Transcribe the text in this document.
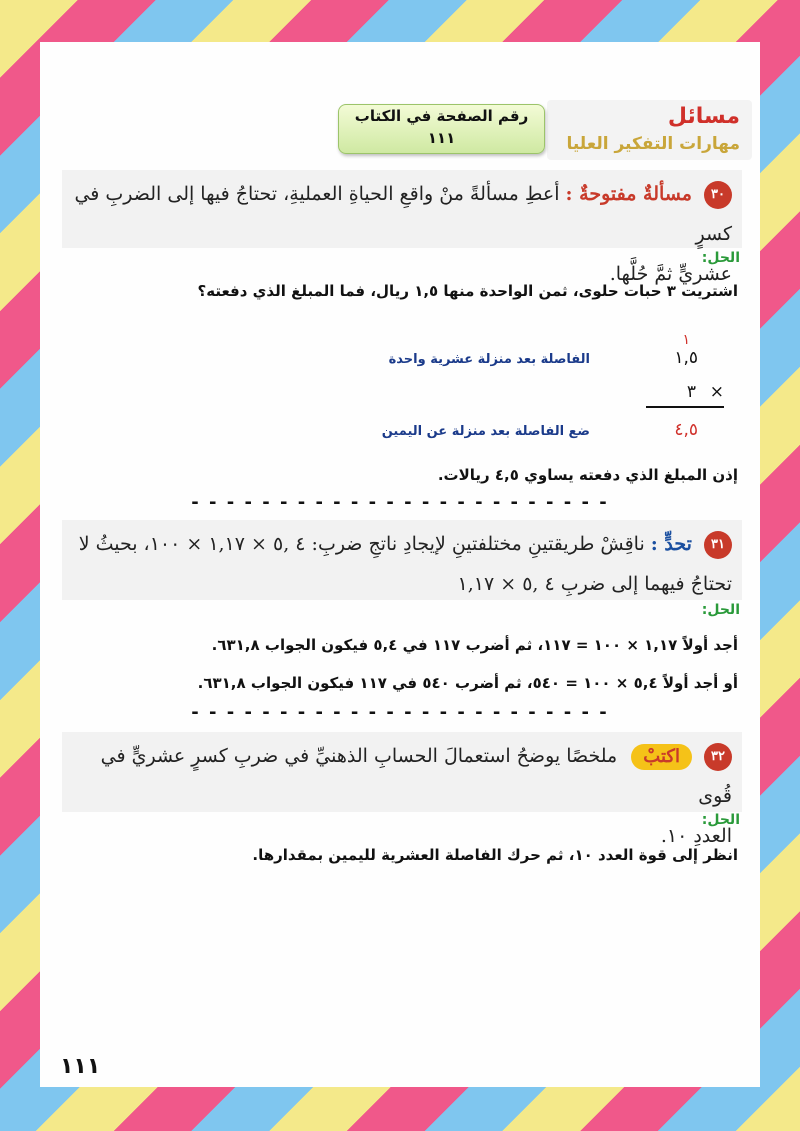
مسائل
مهارات التفكير العليا
رقم الصفحة في الكتاب
١١١
٣٠ مسألةٌ مفتوحةٌ : أعطِ مسألةً منْ واقعِ الحياةِ العمليةِ، تحتاجُ فيها إلى الضربِ في كسرٍ
عشريٍّ ثمَّ حُلَّها.
الحل:
اشتريت ٣ حبات حلوى، ثمن الواحدة منها ١,٥ ريال، فما المبلغ الذي دفعته؟
١
١,٥
الفاصلة بعد منزلة عشرية واحدة
٣ ×
٤,٥
ضع الفاصلة بعد منزلة عن اليمين
إذن المبلغ الذي دفعته يساوي ٤,٥ ريالات.
- - - - - - - - - - - - - - - - - - - - - - - -
٣١ تحدٍّ : ناقِشْ طريقتينِ مختلفتينِ لإيجادِ ناتجِ ضربِ: ٤ ,٥ × ١,١٧ × ١٠٠، بحيثُ لا
تحتاجُ فيهما إلى ضربِ ٤ ,٥ × ١,١٧
الحل:
أجد أولاً ١,١٧ × ١٠٠ = ١١٧، ثم أضرب ١١٧ في ٥,٤ فيكون الجواب ٦٣١,٨.
أو أجد أولاً ٥,٤ × ١٠٠ = ٥٤٠، ثم أضرب ٥٤٠ في ١١٧ فيكون الجواب ٦٣١,٨.
- - - - - - - - - - - - - - - - - - - - - - - -
٣٢ اكتبْ ملخصًا يوضحُ استعمالَ الحسابِ الذهنيِّ في ضربِ كسرٍ عشريٍّ في قُوى
العددِ ١٠.
الحل:
انظر إلى قوة العدد ١٠، ثم حرك الفاصلة العشرية لليمين بمقدارها.
١١١
